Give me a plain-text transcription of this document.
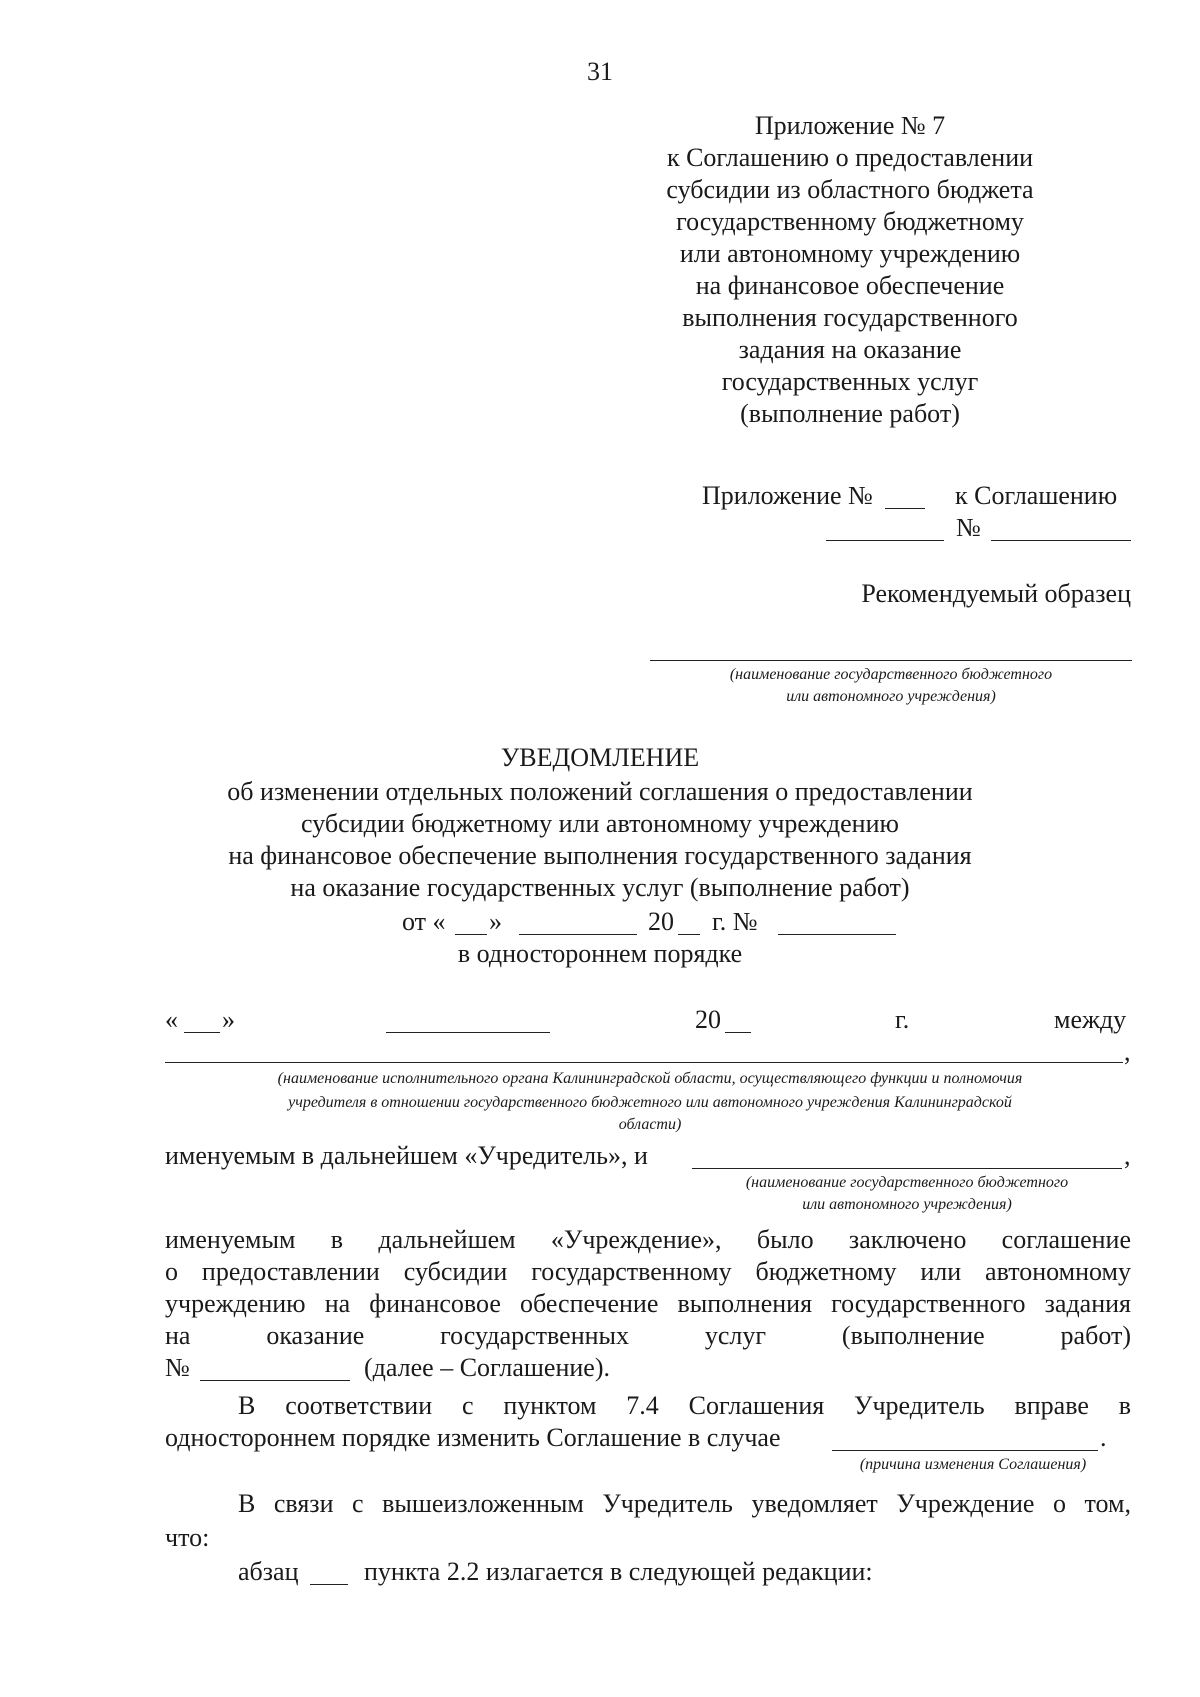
31
Приложение № 7
к Соглашению о предоставлении
субсидии из областного бюджета
государственному бюджетному
или автономному учреждению
на финансовое обеспечение
выполнения государственного
задания на оказание
государственных услуг
(выполнение работ)
Приложение №	к Соглашению
№
Рекомендуемый образец
(наименование государственного бюджетного
или автономного учреждения)
УВЕДОМЛЕНИЕ
об изменении отдельных положений соглашения о предоставлении
субсидии бюджетному или автономному учреждению
на финансовое обеспечение выполнения государственного задания
на оказание государственных услуг (выполнение работ)
от « »	20 г. №
в одностороннем порядке
« »	20	г.	между
,
(наименование исполнительного органа Калининградской области, осуществляющего функции и полномочия
учредителя в отношении государственного бюджетного или автономного учреждения Калининградской
области)
именуемым в дальнейшем «Учредитель», и	,
(наименование государственного бюджетного
или автономного учреждения)
именуемым в дальнейшем «Учреждение», было заключено соглашение
о предоставлении субсидии государственному бюджетному или автономному
учреждению на финансовое обеспечение выполнения государственного задания
на оказание государственных услуг (выполнение работ)
№	(далее – Соглашение).
В соответствии с пунктом 7.4 Соглашения Учредитель вправе в
одностороннем порядке изменить Соглашение в случае	.
(причина изменения Соглашения)
В связи с вышеизложенным Учредитель уведомляет Учреждение о том,
что:
абзац	пункта 2.2 излагается в следующей редакции:
